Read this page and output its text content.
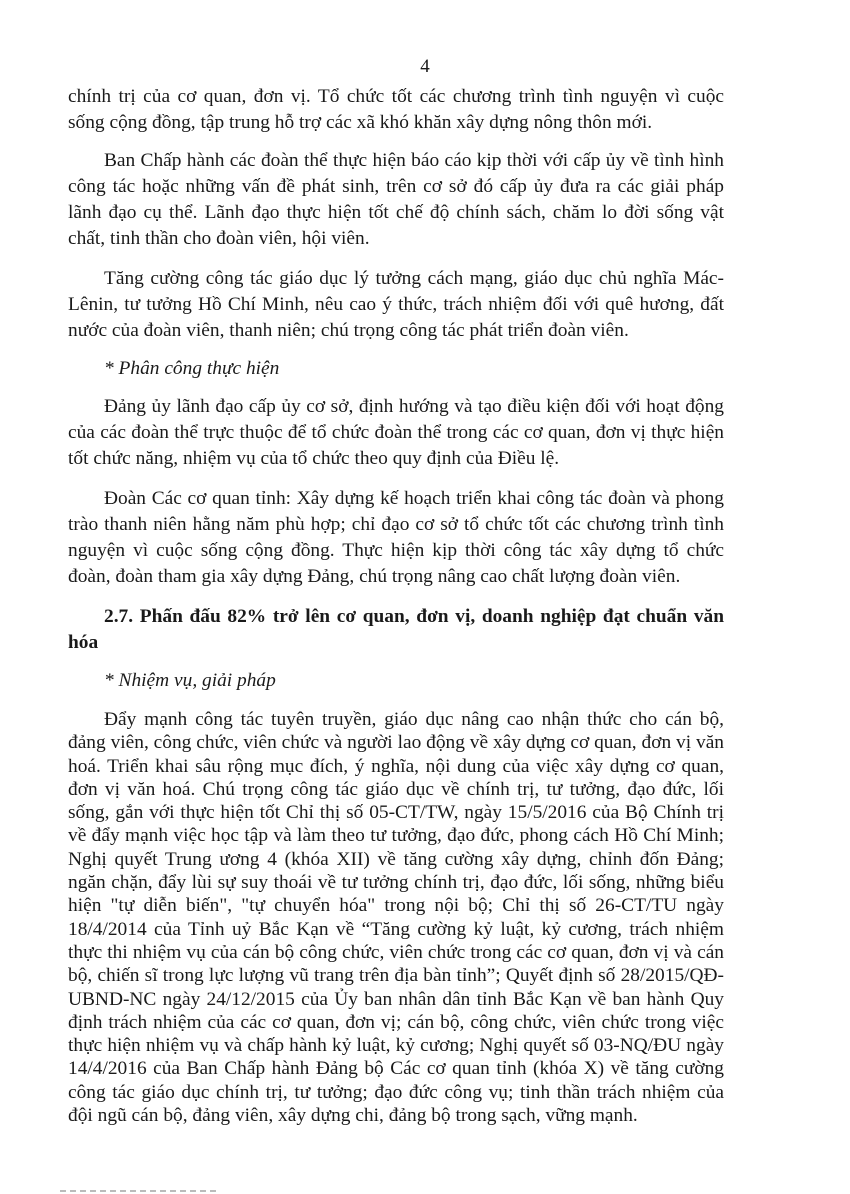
4

chính trị của cơ quan, đơn vị. Tổ chức tốt các chương trình tình nguyện vì cuộc sống cộng đồng, tập trung hỗ trợ các xã khó khăn xây dựng nông thôn mới.

Ban Chấp hành các đoàn thể thực hiện báo cáo kịp thời với cấp ủy về tình hình công tác hoặc những vấn đề phát sinh, trên cơ sở đó cấp ủy đưa ra các giải pháp lãnh đạo cụ thể. Lãnh đạo thực hiện tốt chế độ chính sách, chăm lo đời sống vật chất, tinh thần cho đoàn viên, hội viên.

Tăng cường công tác giáo dục lý tưởng cách mạng, giáo dục chủ nghĩa Mác-Lênin, tư tưởng Hồ Chí Minh, nêu cao ý thức, trách nhiệm đối với quê hương, đất nước của đoàn viên, thanh niên; chú trọng công tác phát triển đoàn viên.

* Phân công thực hiện

Đảng ủy lãnh đạo cấp ủy cơ sở, định hướng và tạo điều kiện đối với hoạt động của các đoàn thể trực thuộc để tổ chức đoàn thể trong các cơ quan, đơn vị thực hiện tốt chức năng, nhiệm vụ của tổ chức theo quy định của Điều lệ.

Đoàn Các cơ quan tỉnh: Xây dựng kế hoạch triển khai công tác đoàn và phong trào thanh niên hằng năm phù hợp; chỉ đạo cơ sở tổ chức tốt các chương trình tình nguyện vì cuộc sống cộng đồng. Thực hiện kịp thời công tác xây dựng tổ chức đoàn, đoàn tham gia xây dựng Đảng, chú trọng nâng cao chất lượng đoàn viên.

2.7. Phấn đấu 82% trở lên cơ quan, đơn vị, doanh nghiệp đạt chuẩn văn hóa

* Nhiệm vụ, giải pháp

Đẩy mạnh công tác tuyên truyền, giáo dục nâng cao nhận thức cho cán bộ, đảng viên, công chức, viên chức và người lao động về xây dựng cơ quan, đơn vị văn hoá. Triển khai sâu rộng mục đích, ý nghĩa, nội dung của việc xây dựng cơ quan, đơn vị văn hoá. Chú trọng công tác giáo dục về chính trị, tư tưởng, đạo đức, lối sống, gắn với thực hiện tốt Chỉ thị số 05-CT/TW, ngày 15/5/2016 của Bộ Chính trị về đẩy mạnh việc học tập và làm theo tư tưởng, đạo đức, phong cách Hồ Chí Minh; Nghị quyết Trung ương 4 (khóa XII) về tăng cường xây dựng, chỉnh đốn Đảng; ngăn chặn, đẩy lùi sự suy thoái về tư tưởng chính trị, đạo đức, lối sống, những biểu hiện "tự diễn biến", "tự chuyển hóa" trong nội bộ; Chỉ thị số 26-CT/TU ngày 18/4/2014 của Tỉnh uỷ Bắc Kạn về “Tăng cường kỷ luật, kỷ cương, trách nhiệm thực thi nhiệm vụ của cán bộ công chức, viên chức trong các cơ quan, đơn vị và cán bộ, chiến sĩ trong lực lượng vũ trang trên địa bàn tỉnh”; Quyết định số 28/2015/QĐ-UBND-NC ngày 24/12/2015 của Ủy ban nhân dân tỉnh Bắc Kạn về ban hành Quy định trách nhiệm của các cơ quan, đơn vị; cán bộ, công chức, viên chức trong việc thực hiện nhiệm vụ và chấp hành kỷ luật, kỷ cương; Nghị quyết số 03-NQ/ĐU ngày 14/4/2016 của Ban Chấp hành Đảng bộ Các cơ quan tỉnh (khóa X) về tăng cường công tác giáo dục chính trị, tư tưởng; đạo đức công vụ; tinh thần trách nhiệm của đội ngũ cán bộ, đảng viên, xây dựng chi, đảng bộ trong sạch, vững mạnh.
